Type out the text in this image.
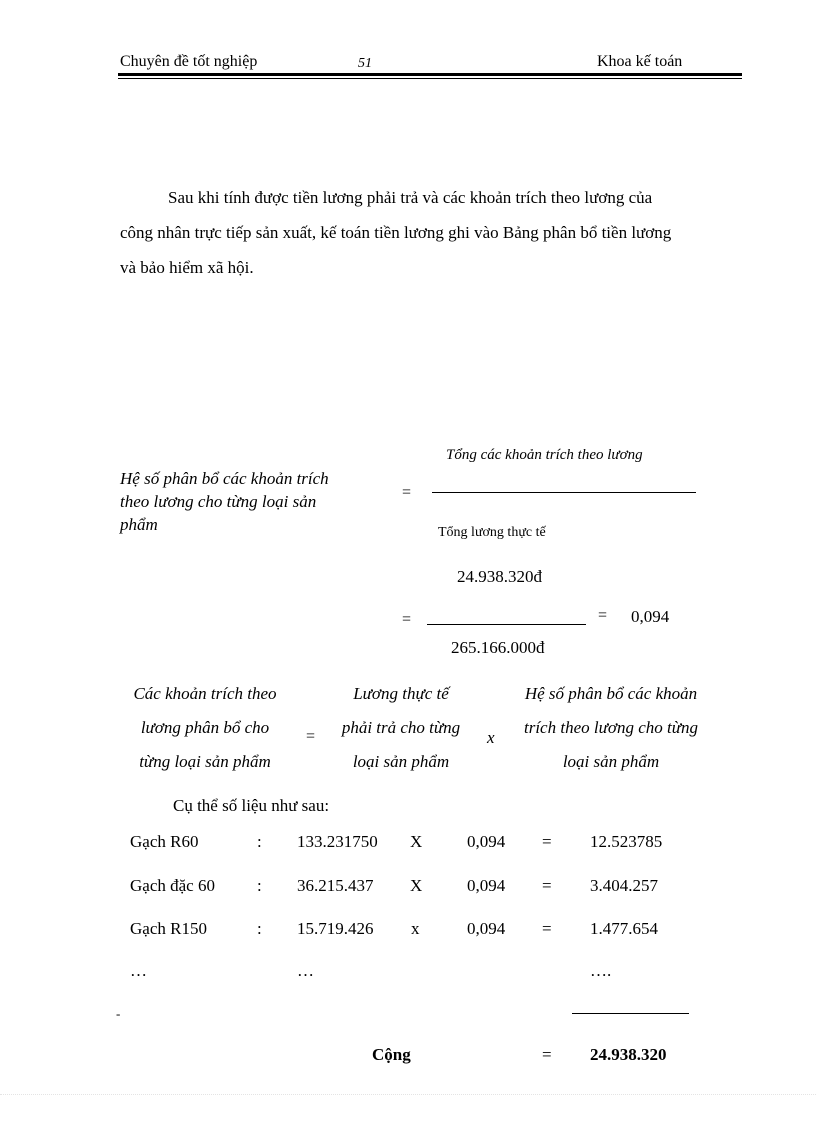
Chuyên đề tốt nghiệp	51	Khoa kế toán
Sau khi tính được tiền lương phải trả và các khoản trích theo lương của
công nhân trực tiếp sản xuất, kế toán tiền lương ghi vào Bảng phân bổ tiền lương
và bảo hiểm xã hội.
Hệ số phân bổ các khoản trích
theo lương cho từng loại sản
phẩm
=
Tổng các khoản trích theo lương
Tổng lương thực tế
24.938.320đ
=	= 0,094
265.166.000đ
Các khoản trích theo
lương phân bổ cho
từng loại sản phẩm
=
Lương thực tế
phải trả cho từng
loại sản phẩm
x
Hệ số phân bổ các khoản
trích theo lương cho từng
loại sản phẩm
Cụ thể số liệu như sau:
Gạch R60	: 133.231750 X	0,094 = 12.523785
Gạch đặc 60 : 36.215.437 X	0,094 = 3.404.257
Gạch R150	: 15.719.426 x	0,094 = 1.477.654
…	…	….
-
Cộng	= 24.938.320
